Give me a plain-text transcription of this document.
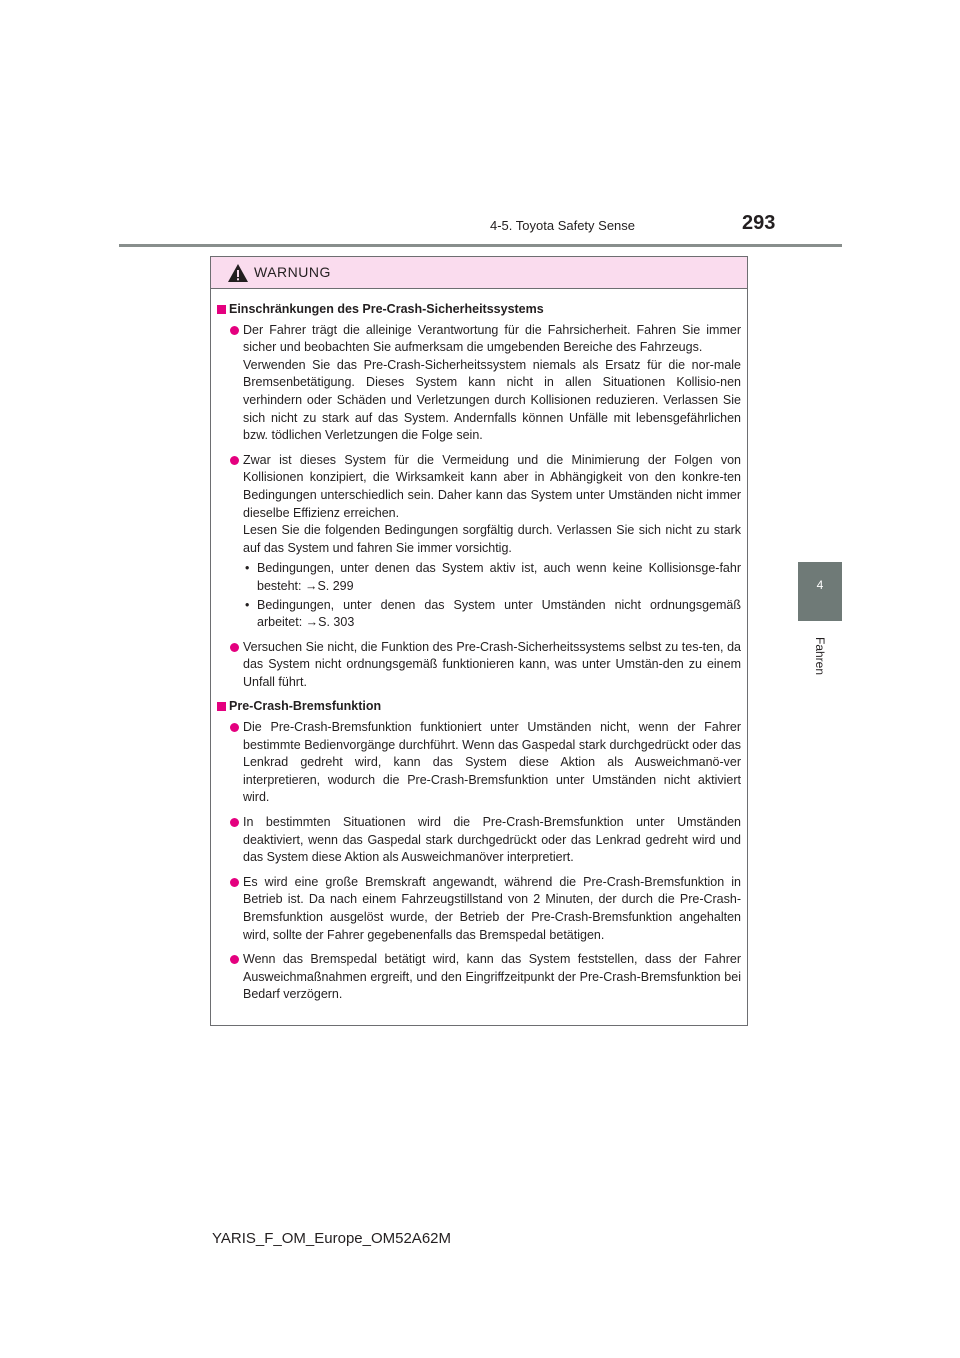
4-5. Toyota Safety Sense	293
4
Fahren
WARNUNG
Einschränkungen des Pre-Crash-Sicherheitssystems

Der Fahrer trägt die alleinige Verantwortung für die Fahrsicherheit. Fahren Sie immer sicher und beobachten Sie aufmerksam die umgebenden Bereiche des Fahrzeugs.

Verwenden Sie das Pre-Crash-Sicherheitssystem niemals als Ersatz für die nor-male Bremsenbetätigung. Dieses System kann nicht in allen Situationen Kollisio-nen verhindern oder Schäden und Verletzungen durch Kollisionen reduzieren. Verlassen Sie sich nicht zu stark auf das System. Andernfalls können Unfälle mit lebensgefährlichen bzw. tödlichen Verletzungen die Folge sein.

Zwar ist dieses System für die Vermeidung und die Minimierung der Folgen von Kollisionen konzipiert, die Wirksamkeit kann aber in Abhängigkeit von den konkre-ten Bedingungen unterschiedlich sein. Daher kann das System unter Umständen nicht immer dieselbe Effizienz erreichen.

Lesen Sie die folgenden Bedingungen sorgfältig durch. Verlassen Sie sich nicht zu stark auf das System und fahren Sie immer vorsichtig.

• Bedingungen, unter denen das System aktiv ist, auch wenn keine Kollisionsge-fahr besteht: →S. 299
• Bedingungen, unter denen das System unter Umständen nicht ordnungsgemäß arbeitet: →S. 303

Versuchen Sie nicht, die Funktion des Pre-Crash-Sicherheitssystems selbst zu tes-ten, da das System nicht ordnungsgemäß funktionieren kann, was unter Umstän-den zu einem Unfall führt.

Pre-Crash-Bremsfunktion

Die Pre-Crash-Bremsfunktion funktioniert unter Umständen nicht, wenn der Fahrer bestimmte Bedienvorgänge durchführt. Wenn das Gaspedal stark durchgedrückt oder das Lenkrad gedreht wird, kann das System diese Aktion als Ausweichmanö-ver interpretieren, wodurch die Pre-Crash-Bremsfunktion unter Umständen nicht aktiviert wird.

In bestimmten Situationen wird die Pre-Crash-Bremsfunktion unter Umständen deaktiviert, wenn das Gaspedal stark durchgedrückt oder das Lenkrad gedreht wird und das System diese Aktion als Ausweichmanöver interpretiert.

Es wird eine große Bremskraft angewandt, während die Pre-Crash-Bremsfunktion in Betrieb ist. Da nach einem Fahrzeugstillstand von 2 Minuten, der durch die Pre-Crash-Bremsfunktion ausgelöst wurde, der Betrieb der Pre-Crash-Bremsfunktion angehalten wird, sollte der Fahrer gegebenenfalls das Bremspedal betätigen.

Wenn das Bremspedal betätigt wird, kann das System feststellen, dass der Fahrer Ausweichmaßnahmen ergreift, und den Eingriffzeitpunkt der Pre-Crash-Bremsfunktion bei Bedarf verzögern.

YARIS_F_OM_Europe_OM52A62M
